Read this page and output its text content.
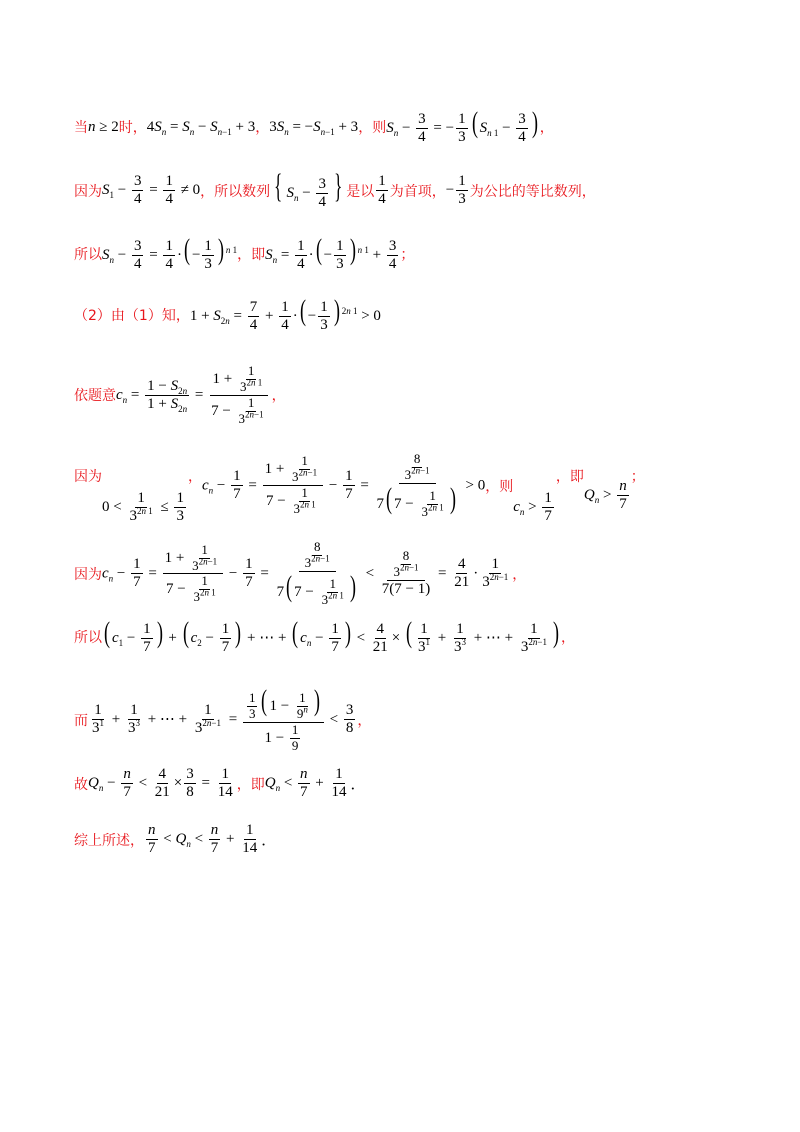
当 n ≥ 2 时， $4S_n = S_n - S_{n-1} + 3$ ， $3S_n = -S_{n-1} + 3$ ， 则 $S_n - \frac{3}{4}$ = − $\frac{1}{3}$ ( $S_{n 1} - \frac{3}{4}$ ) ，
因为 $S_1 - \frac{3}{4} = \frac{1}{4} \ne 0$ ，所以数列 { $S_n - \frac{3}{4}$ } 是以 $\frac{1}{4}$ 为首项， − $\frac{1}{3}$ 为公比的等比数列，
所以 $S_n - \frac{3}{4} = \frac{1}{4}$ ·( − $\frac{1}{3}$ ) $^{n 1}$ ，即 $S_n = \frac{1}{4}$ ·( − $\frac{1}{3}$ ) $^{n 1} + \frac{3}{4}$ ；
（2）由（1）知， $1 + S_{2n} = \frac{7}{4} + \frac{1}{4}$ ·( − $\frac{1}{3}$ ) $^{2n 1}$ > 0
依题意 $c_n = \frac{1 - S_{2n}}{1 + S_{2n}} = \frac{1 + \frac{1}{3^{2n 1}}}{7 - \frac{1}{3^{2n-1}}}$ ，
因为
$0 < \frac{1}{3^{2n 1}} \le \frac{1}{3}$
，
$c_n - \frac{1}{7} = \frac{1 + \frac{1}{3^{2n-1}}}{7 - \frac{1}{3^{2n 1}}} - \frac{1}{7} = \frac{\frac{8}{3^{2n-1}}}{7( 7 - \frac{1}{3^{2n 1}} )} > 0$ ，则
$c_n > \frac{1}{7}$
，即
$Q_n > \frac{n}{7}$
；
因为 $c_n - \frac{1}{7} = \frac{1 + \frac{1}{3^{2n-1}}}{7 - \frac{1}{3^{2n 1}}} - \frac{1}{7} = \frac{\frac{8}{3^{2n-1}}}{7( 7 - \frac{1}{3^{2n 1}} )} < \frac{\frac{8}{3^{2n-1}}}{7(7 - 1)} = \frac{4}{21} \cdot \frac{1}{3^{2n-1}}$ ，
所以 ( $c_1 - \frac{1}{7}$ ) + ( $c_2 - \frac{1}{7}$ ) + ⋯ + ( $c_n - \frac{1}{7}$ ) < $\frac{4}{21}$ × ( $\frac{1}{3^1} + \frac{1}{3^3}$ + ⋯ + $\frac{1}{3^{2n-1}}$ ) ，
而 $\frac{1}{3^1} + \frac{1}{3^3}$ + ⋯ + $\frac{1}{3^{2n-1}} = \frac{\frac{1}{3} ( 1 - \frac{1}{9^n} )}{1 - \frac{1}{9}} < \frac{3}{8}$ ，
故 $Q_n - \frac{n}{7} < \frac{4}{21} \times \frac{3}{8} = \frac{1}{14}$ ，即 $Q_n < \frac{n}{7} + \frac{1}{14}$ ．
综上所述， $\frac{n}{7} < Q_n < \frac{n}{7} + \frac{1}{14}$ ．
